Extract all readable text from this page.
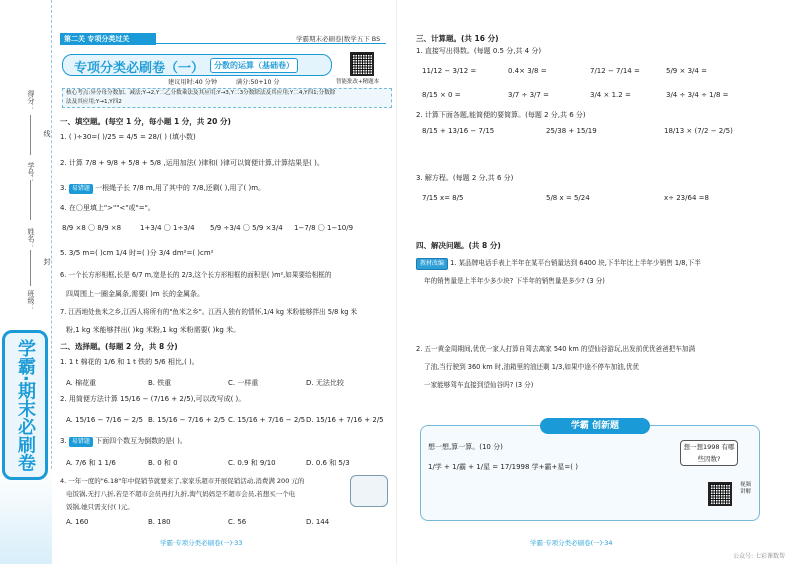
得分：
学号：
姓名：
班级：
线
封
学霸·期末必刷卷
第二关 专项分类过关	学霸期末必刷卷|数学五下 BS
专项分类必刷卷（一）	分数的运算（基础卷）
智能批改+精题本
建议用时:40 分钟	满分:50+10 分
核心考点:异分母分数加、减法;Y→2,Y二乙分数乘法及其应用;Y→3,Y二3分数除法及其应用;Y二4,Y四1;分数除
法及其应用;Y→1,Y四2
一、填空题。(每空 1 分，每小题 1 分，共 20 分)
1. ( )÷30=( )/25 = 4/5 = 28/( ) (填小数)
2. 计算 7/8 + 9/8 + 5/8 + 5/8 ,运用加法( )律和( )律可以简便计算,计算结果是( )。
3. 易错题 一根绳子长 7/8 m,用了其中的 7/8,还剩( ),用了( )m。
4. 在〇里填上">""<"或"="。
8/9 ×8 〇 8/9 ×8	1+3/4 〇 1÷3/4 5/9 ÷3/4 〇 5/9 ×3/4 1−7/8 〇 1−10/9
5. 3/5 m=( )cm 1/4 时=( )分 3/4 dm²=( )cm²
6. 一个长方形相框,长是 6/7 m,宽是长的 2/3,这个长方形相框的面积是( )m²,如果要给相框的
四周围上一圈金属条,需要( )m 长的金属条。
7. 江西地处鱼米之乡,江西人将所有的"鱼米之乡"。江西人独有的情怀,1/4 kg 米粉能够拌出 5/8 kg 米
粉,1 kg 米能够拌出( )kg 米粉,1 kg 米粉需要( )kg 米。
二、选择题。(每题 2 分，共 8 分)
1. 1 t 棉花的 1/6 和 1 t 铁的 5/6 相比,( )。
A. 棉花重	B. 铁重	C. 一样重	D. 无法比较
2. 用简便方法计算 15/16 − (7/16 + 2/5),可以改写成( )。
A. 15/16 − 7/16 − 2/5 B. 15/16 − 7/16 + 2/5 C. 15/16 + 7/16 − 2/5 D. 15/16 + 7/16 + 2/5
3. 易错题 下面四个数互为倒数的是( )。
A. 7/6 和 1 1/6	B. 0 和 0	C. 0.9 和 9/10	D. 0.6 和 5/3
4. 一年一度的"6.18"年中促销节就要来了,家家乐超市开展促销活动,消费满 200 元的
电饭锅,无打八折,若是不超市会员再打九折,淘气妈妈是不超市会员,若想买一个电
饭锅,她只需支付( )元。
A. 160	B. 180	C. 56	D. 144
学霸·专项分类必刷卷(一)·33
三、计算题。(共 16 分)
1. 直接写出得数。(每题 0.5 分,共 4 分)
11/12 − 3/12 =	0.4× 3/8 =	7/12 − 7/14 =	5/9 × 3/4 =
8/15 × 0 =	3/7 ÷ 3/7 =	3/4 × 1.2 =	3/4 ÷ 3/4 ÷ 1/8 =
2. 计算下面各题,能简便的要简算。(每题 2 分,共 6 分)
8/15 + 13/16 − 7/15	25/38 + 15/19	18/13 × (7/2 − 2/5)
3. 解方程。(每题 2 分,共 6 分)
7/15 x= 8/5	5/8 x = 5/24	x÷ 23/64 =8
四、解决问题。(共 8 分)
教材改编 1. 某品牌电话手表上半年在某平台销量达到 6400 块,下半年比上半年少销售 1/8,下半
年的销售量是上半年少多少块? 下半年的销售量是多少? (3 分)
2. 五一黄金周期间,优优一家人打算自驾去离家 540 km 的望仙谷游玩,出发前优优爸爸把车加满
了油,当行驶到 360 km 时,油箱里的油还剩 1/3,如果中途不停车加油,优优
一家能够驾车直接到望仙谷吗? (3 分)
学霸 创新题
想一想,算一算。(10 分)
1/学 + 1/霸 + 1/星 = 17/1998 学+霸+星=( )
想一想1998 有哪些因数?
视频讲解
学霸·专项分类必刷卷(一)·34
公众号: 七彩课数帮
